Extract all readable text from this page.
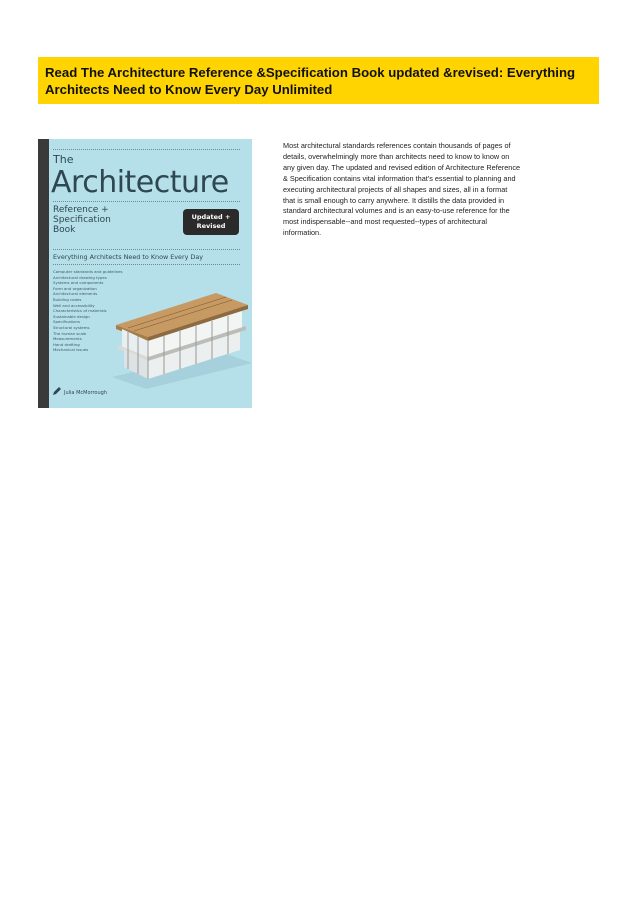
Read The Architecture Reference &Specification Book updated &revised: Everything Architects Need to Know Every Day Unlimited
The
Architecture
Reference +
Specification
Book
Updated +
Revised
Everything Architects Need to Know Every Day
Computer standards and guidelines
Architectural drawing types
Systems and components
Form and organization
Architectural elements
Building codes
Well and accessibility
Characteristics of materials
Sustainable design
Specifications
Structural systems
The human scale
Measurements
Hand drafting
Mechanical issues
Julia McMorrough

Most architectural standards references contain thousands of pages of details, overwhelmingly more than architects need to know to know on any given day. The updated and revised edition of Architecture Reference & Specification contains vital information that's essential to planning and executing architectural projects of all shapes and sizes, all in a format that is small enough to carry anywhere. It distills the data provided in standard architectural volumes and is an easy-to-use reference for the most indispensable--and most requested--types of architectural information.
